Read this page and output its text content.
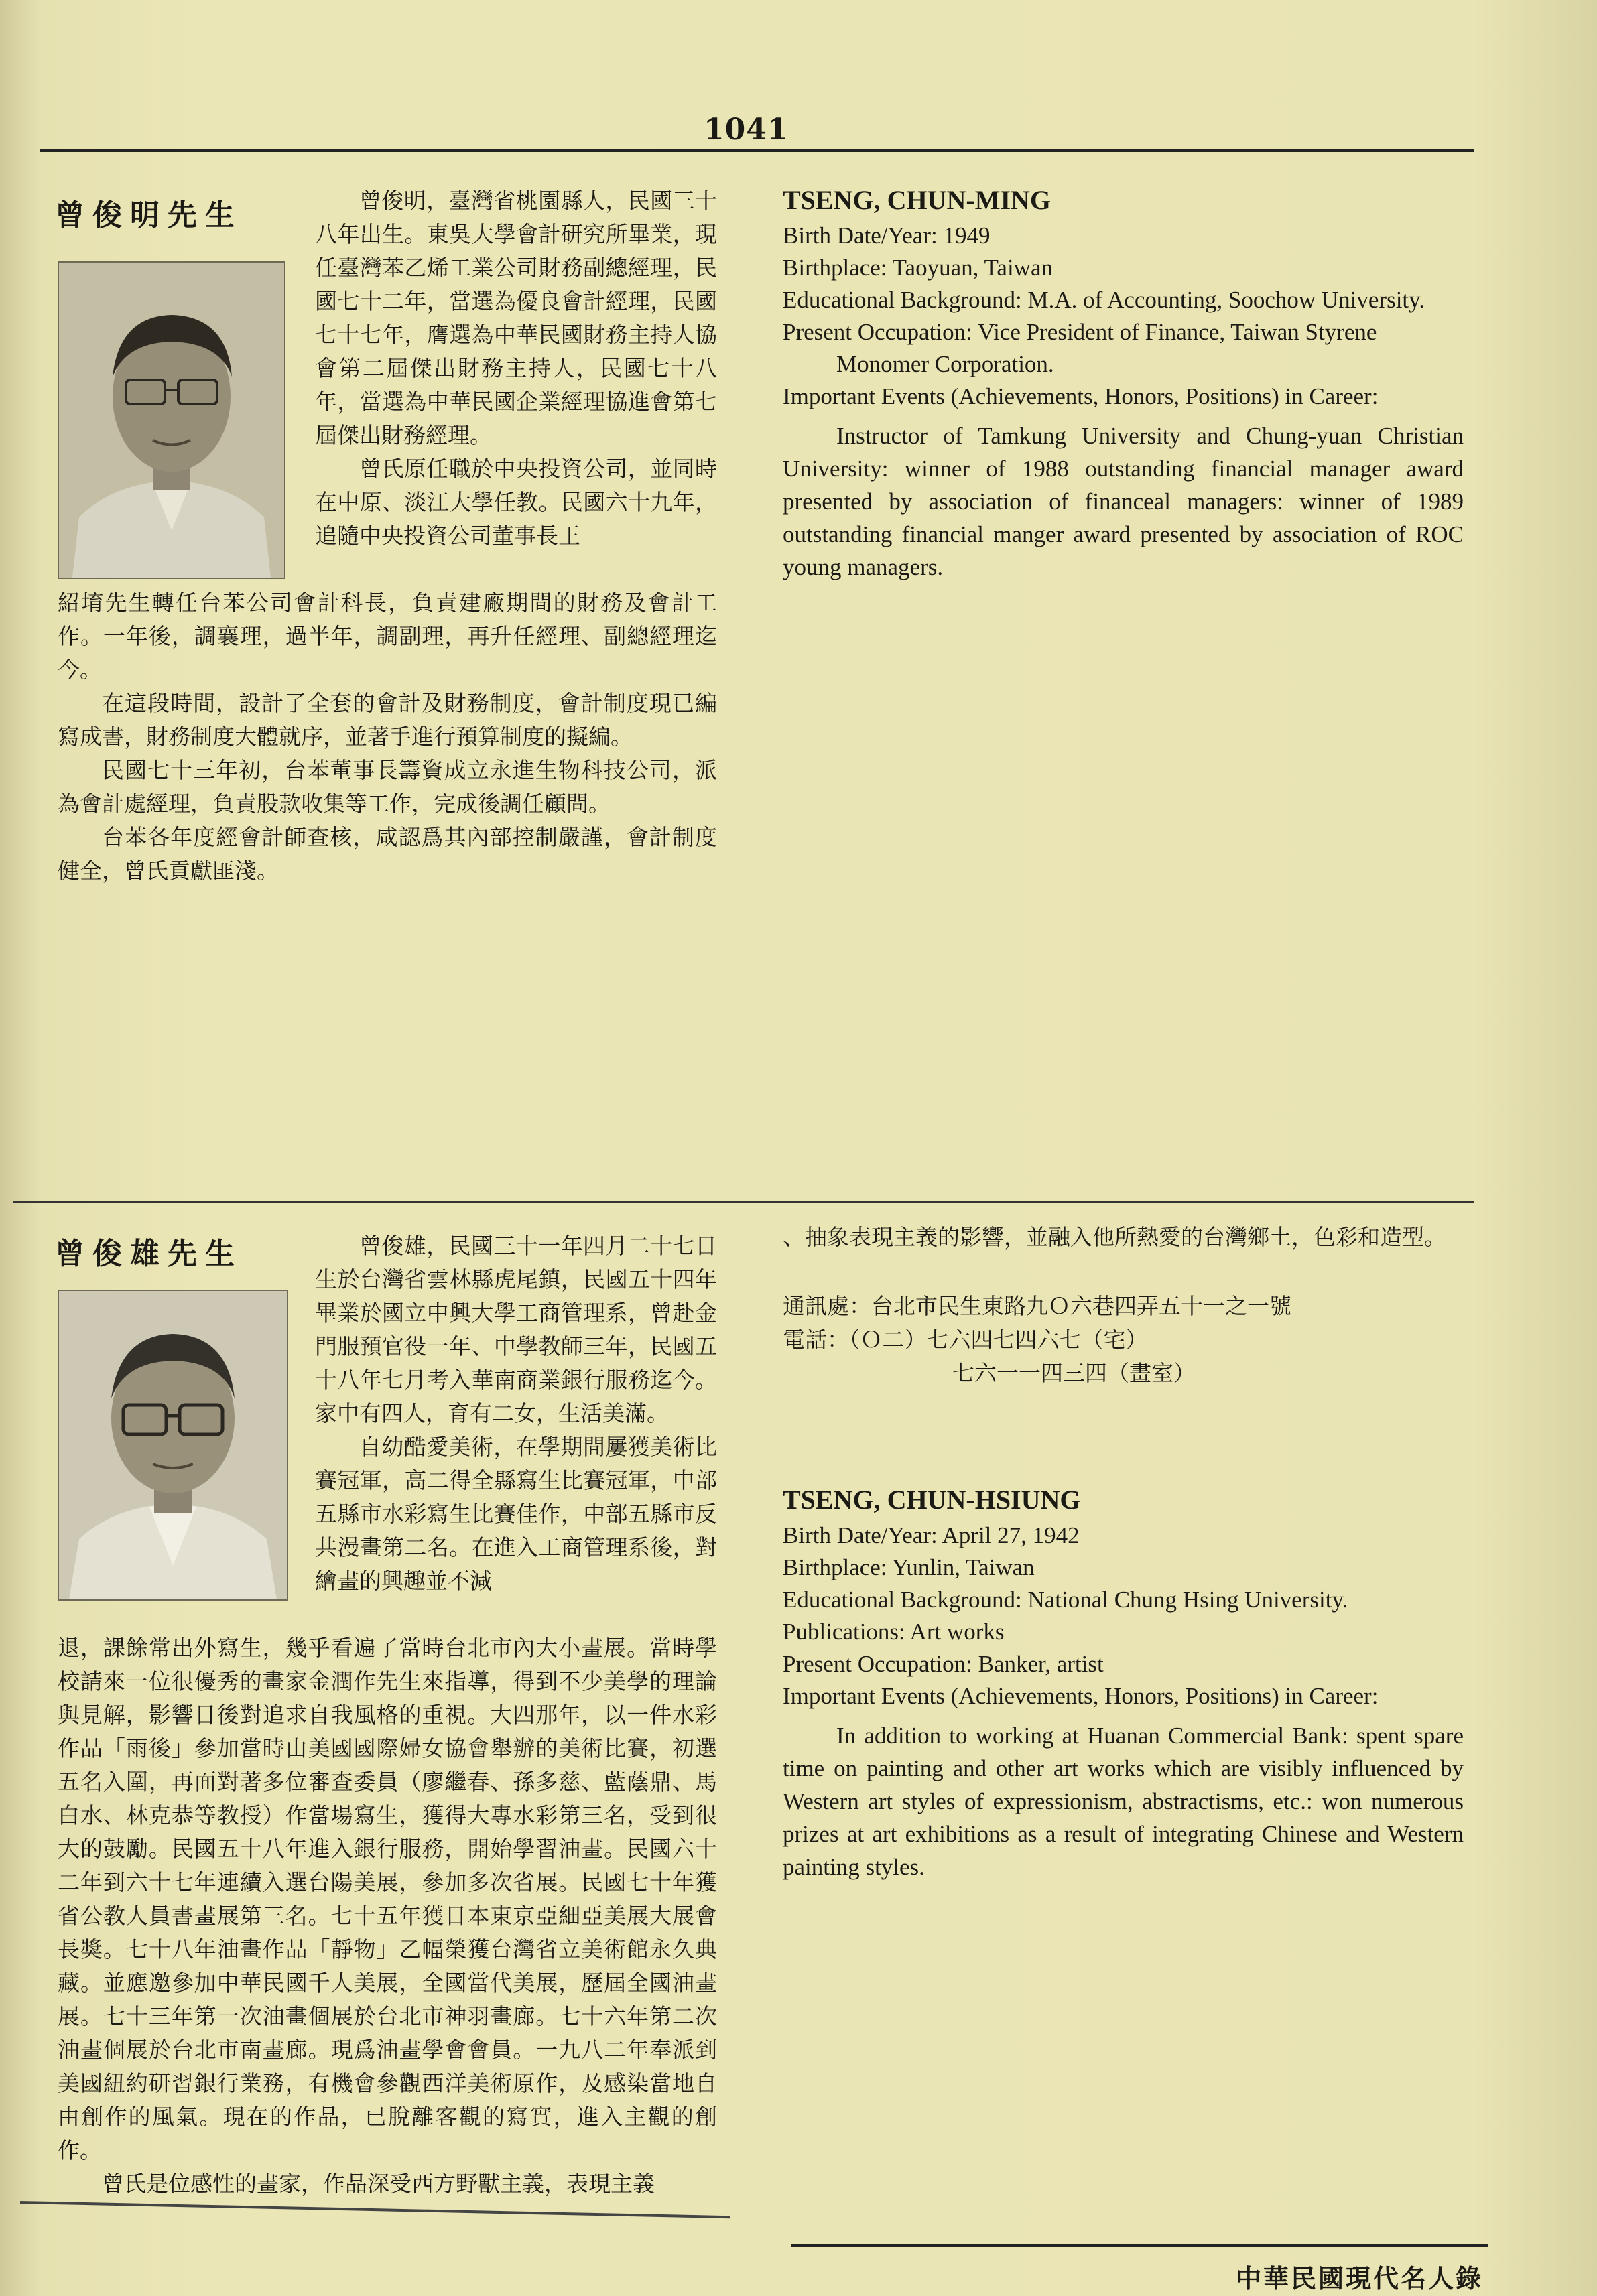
1041
曾俊明先生	曾俊明，臺灣省桃園縣人，民國三十八年出生。東吳大學會計研究所畢業，現任臺灣苯乙烯工業公司財務副總經理，民國七十二年，當選為優良會計經理，民國七十七年，膺選為中華民國財務主持人協會第二屆傑出財務主持人，民國七十八年，當選為中華民國企業經理協進會第七屆傑出財務經理。

曾氏原任職於中央投資公司，並同時在中原、淡江大學任教。民國六十九年，追隨中央投資公司董事長王

紹堉先生轉任台苯公司會計科長，負責建廠期間的財務及會計工作。一年後，調襄理，過半年，調副理，再升任經理、副總經理迄今。

在這段時間，設計了全套的會計及財務制度，會計制度現已編寫成書，財務制度大體就序，並著手進行預算制度的擬編。

民國七十三年初，台苯董事長籌資成立永進生物科技公司，派為會計處經理，負責股款收集等工作，完成後調任顧問。

台苯各年度經會計師查核，咸認爲其內部控制嚴謹，會計制度健全，曾氏貢獻匪淺。

TSENG, CHUN-MING
Birth Date/Year: 1949
Birthplace: Taoyuan, Taiwan
Educational Background: M.A. of Accounting, Soochow University.
Present Occupation: Vice President of Finance, Taiwan Styrene Monomer Corporation.
Important Events (Achievements, Honors, Positions) in Career:
Instructor of Tamkung University and Chung-yuan Christian University: winner of 1988 outstanding financial manager award presented by association of financeal managers: winner of 1989 outstanding financial manger award presented by association of ROC young managers.
曾俊雄先生	曾俊雄，民國三十一年四月二十七日生於台灣省雲林縣虎尾鎮，民國五十四年畢業於國立中興大學工商管理系，曾赴金門服預官役一年、中學教師三年，民國五十八年七月考入華南商業銀行服務迄今。家中有四人，育有二女，生活美滿。

自幼酷愛美術，在學期間屢獲美術比賽冠軍，高二得全縣寫生比賽冠軍，中部五縣市水彩寫生比賽佳作，中部五縣市反共漫畫第二名。在進入工商管理系後，對繪畫的興趣並不減

退，課餘常出外寫生，幾乎看遍了當時台北市內大小畫展。當時學校請來一位很優秀的畫家金潤作先生來指導，得到不少美學的理論與見解，影響日後對追求自我風格的重視。大四那年，以一件水彩作品「雨後」參加當時由美國國際婦女協會舉辦的美術比賽，初選五名入圍，再面對著多位審查委員（廖繼春、孫多慈、藍蔭鼎、馬白水、林克恭等教授）作當場寫生，獲得大專水彩第三名，受到很大的鼓勵。民國五十八年進入銀行服務，開始學習油畫。民國六十二年到六十七年連續入選台陽美展，參加多次省展。民國七十年獲省公教人員書畫展第三名。七十五年獲日本東京亞細亞美展大展會長獎。七十八年油畫作品「靜物」乙幅榮獲台灣省立美術館永久典藏。並應邀參加中華民國千人美展，全國當代美展，歷屆全國油畫展。七十三年第一次油畫個展於台北市神羽畫廊。七十六年第二次油畫個展於台北市南畫廊。現爲油畫學會會員。一九八二年奉派到美國紐約研習銀行業務，有機會參觀西洋美術原作，及感染當地自由創作的風氣。現在的作品，已脫離客觀的寫實，進入主觀的創作。

曾氏是位感性的畫家，作品深受西方野獸主義，表現主義

、抽象表現主義的影響，並融入他所熱愛的台灣鄉土，色彩和造型。

通訊處：台北市民生東路九Ｏ六巷四弄五十一之一號
電話：（Ｏ二）七六四七四六七（宅）
七六一一四三四（畫室）
TSENG, CHUN-HSIUNG
Birth Date/Year: April 27, 1942
Birthplace: Yunlin, Taiwan
Educational Background: National Chung Hsing University.
Publications: Art works
Present Occupation: Banker, artist
Important Events (Achievements, Honors, Positions) in Career:
In addition to working at Huanan Commercial Bank: spent spare time on painting and other art works which are visibly influenced by Western art styles of expressionism, abstractisms, etc.: won numerous prizes at art exhibitions as a result of integrating Chinese and Western painting styles.
中華民國現代名人錄
